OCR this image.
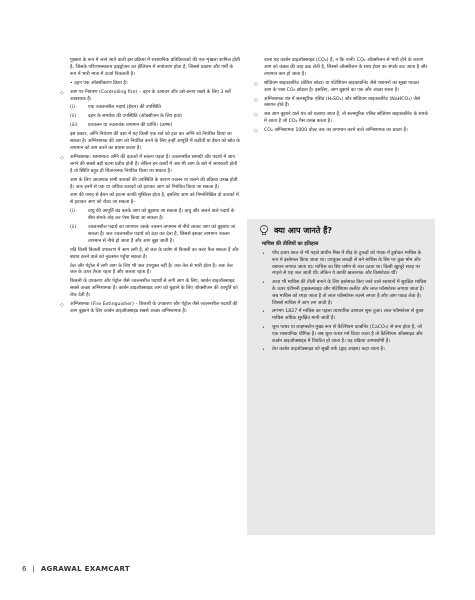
गुब्बारा के रूप में जाने जाते वाली इस प्रक्रिया में रासायनिक प्रतिक्रियाओं की एक शृंखला शामिल होती है, जिसके परिणामस्वरूप हाइड्रोजन का हीलियम में रूपांतरण होता है, जिससे प्रकाश और गर्मी के रूप में भारी मात्रा में ऊर्जा निकलती है।

• दहन एक ऑक्सीकरण क्रिया है।

◇ आग पर नियंत्रण (Controlling fire) – दहन के उत्पादन और उसे बनाए रखने के लिए 3 शर्तें आवश्यक हैं।

(i)	एक ज्वलनशील पदार्थ (ईंधन) की उपस्थिति
(ii)	दहन के समर्थक की उपस्थिति (ऑक्सीजन के लिए हवा)
(iii)	प्रज्वलन या ज्वलनांक तापमान की प्राप्ति। (ऊष्मा)

इस प्रकार, अग्नि नियंत्रण की दशा में यह किसी एक शर्त को हटा कर अग्नि को नियंत्रित किया जा सकता है। अग्निशामक की आग को नियंत्रित करने के लिए इन्हीं आपूर्ति में कटौती या ईंधन को स्रोत के तापमान को कम करने का प्रयास करता है।

◇ अग्निशामक: सामान्यतः अग्नि की दवाओं में रुकना पड़ता है। ज्वलनशील सामग्री और पदार्थ में आग लगने की सबसे बड़ी घटना प्रतीत होती है। लेकिन इन कार्यों में जब भी आग के बारे में जानकारी होती है तो स्थिति बहुत ही चिंताजनक नियंत्रित किया जा सकता है।

आग के लिए आवश्यक सभी कारकों की उपस्थिति के कारण ज्वलन या जलने की प्रक्रिया उत्पन्न होती है। अतः इनमें से एक या अधिक कारकों को हटाकर आग को नियंत्रित किया जा सकता है।

आग की जगह से ईंधन को हटाना काफी मुश्किल होता है, इसलिए आग को निम्नलिखित दो कारकों में से हटाकर आग को रोका जा सकता है–

(i)	वायु की आपूर्ति बंद करके आग को बुझाया जा सकता है। वायु और जलने वाले पदार्थ के बीच संपर्क तोड़ कर ऐसा किया जा सकता है।
(ii)	ज्वलनशील पदार्थ का तापमान उसके ज्वलन तापमान से नीचे लाकर आग को बुझाया जा सकता है। जल ज्वलनशील पदार्थ को ठंडा कर देता है, जिससे इसका तापमान ज्वलन तापमान से नीचे हो जाता है और आग बुझ जाती है।

यदि किसी बिजली उपकरण में आग लगी है, तो जल के प्रयोग से बिजली का करंट फैल सकता है और बचाव करने वाले को नुकसान पहुँचा सकता है।

तेल और पेट्रोल में लगी आग के लिए भी जल उपयुक्त नहीं है। जल तेल से भारी होता है। अतः तेल जल के ऊपर तैरता रहता है और जलता रहता है।

बिजली के उपकरण और पेट्रोल जैसे ज्वलनशील पदार्थों से लगी आग के लिए, कार्बन डाइऑक्साइड सबसे अच्छा अग्निशामक है। कार्बन डाइऑक्साइड आग को बुझाने के लिए ऑक्सीजन की आपूर्ति को रोक देती है।

◇ अग्निशामक (Fire Extinguisher) – बिजली के उपकरण और पेट्रोल जैसे ज्वलनशील पदार्थों की आग बुझाने के लिए कार्बन डाइऑक्साइड सबसे अच्छा अग्निशामक है।

वाला यह कार्बन डाइऑक्साइड (CO₂) है, न कि पानी। CO₂ ऑक्सीजन से भारी होने के कारण आग को कंबल की तरह ढक लेती है, जिससे ऑक्सीजन के साथ ईंधन का संपर्क कट जाता है और तापमान कम हो जाता है।

◇ सोडियम बाइकार्बोनेट (बेकिंग सोडा) या पोटेशियम बाइकार्बोनेट जैसे रसायनों का सूखा पाउडर आग के पास CO₂ छोड़ता है। इसलिए, आग बुझाने का एक और अच्छा रास्ता है।

◇ अग्निशामक यंत्र में सल्फ्यूरिक एसिड (H₂SO₄) और सोडियम बाइकार्बोनेट (NaHCO₃) जैसे रसायन होते हैं।

◇ जब आग बुझाने वाले यंत्र को चलाया जाता है, तो सल्फ्यूरिक एसिड सोडियम बाइकार्बोनेट के संपर्क में आता है जो CO₂ गैस उत्पन्न करता है।

◇ CO₂ अग्निशामक 1000 वोल्ट तक का तापमान करने वाले अग्निशामक का प्रकार है।

क्या आप जानते हैं?
माचिस की तीलियों का इतिहास

• पाँच हजार साल से भी पहले प्राचीन मिस्र में चीड़ के टुकड़ों को गंधक में डुबोकर माचिस के रूप में इस्तेमाल किया जाता था। उपयुक्त लकड़ी से बने माचिस के सिर पर कुछ मोम और रसायन लगाया जाता था। माचिस का सिर घर्षण से जल उठता था। किसी खुरदुरे सतह पर रगड़ने से यह जल जाती थी। लेकिन ये काफी खतरनाक और विस्फोटक थीं।

• आज भी माचिस की तीली बनाने के लिए इस्तेमाल किए जाने वाले रसायनों में सुरक्षित माचिस के ऊपर एंटीमनी ट्राइसल्फाइड और पोटेशियम क्लोरेट और लाल फॉस्फोरस लगाया जाता है। जब माचिस को रगड़ा जाता है तो लाल फॉस्फोरस जलने लगता है और आग पकड़ लेता है। जिससे माचिस में आग लग जाती है।

• लगभग 1827 में माचिस का पहला व्यापारिक उत्पादन शुरू हुआ। लाल फॉस्फोरस से युक्त माचिस अधिक सुरक्षित मानी जाती हैं।

• चूना पत्थर या लाइमस्टोन मुख्य रूप से कैल्शियम कार्बोनेट (CaCO₃) से बना होता है, जो एक रासायनिक यौगिक है। जब चूना पत्थर गर्म किया जाता है तो कैल्शियम ऑक्साइड और कार्बन डाइऑक्साइड में विघटित हो जाता है। यह प्रक्रिया ऊष्माशोषी है।

• तेरा कार्बन डाइऑक्साइड को सूखी बर्फ (ड्राइ आइस) कहा जाता है।

6 | AGRAWAL EXAMCART
